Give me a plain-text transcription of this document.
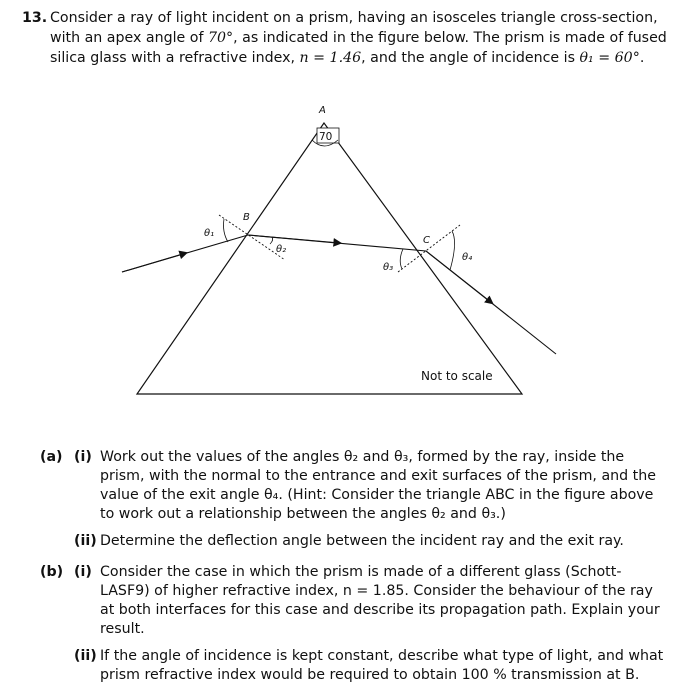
13. Consider a ray of light incident on a prism, having an isosceles triangle cross-section, with an apex angle of 70°, as indicated in the figure below. The prism is made of fused silica glass with a refractive index, n = 1.46, and the angle of incidence is θ₁ = 60°.
70
A
θ₁
B
θ₂
θ₃
C
θ₄
Not to scale
(a) (i) Work out the values of the angles θ₂ and θ₃, formed by the ray, inside the prism, with the normal to the entrance and exit surfaces of the prism, and the value of the exit angle θ₄. (Hint: Consider the triangle ABC in the figure above to work out a relationship between the angles θ₂ and θ₃.)
(ii) Determine the deflection angle between the incident ray and the exit ray.
(b) (i) Consider the case in which the prism is made of a different glass (Schott-LASF9) of higher refractive index, n = 1.85. Consider the behaviour of the ray at both interfaces for this case and describe its propagation path. Explain your result.
(ii) If the angle of incidence is kept constant, describe what type of light, and what prism refractive index would be required to obtain 100 % transmission at B.
